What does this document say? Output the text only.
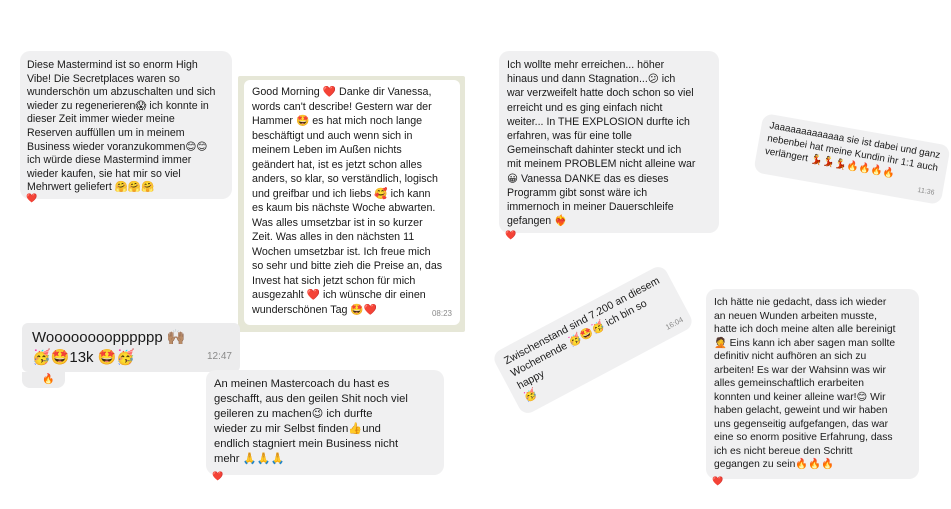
Diese Mastermind ist so enorm High
Vibe! Die Secretplaces waren so
wunderschön um abzuschalten und sich
wieder zu regenerieren😱 ich konnte in
dieser Zeit immer wieder meine
Reserven auffüllen um in meinem
Business wieder voranzukommen😊😊
ich würde diese Mastermind immer
wieder kaufen, sie hat mir so viel
Mehrwert geliefert 🤗🤗🤗
❤️
Good Morning ❤️ Danke dir Vanessa,
words can't describe! Gestern war der
Hammer 🤩 es hat mich noch lange
beschäftigt und auch wenn sich in
meinem Leben im Außen nichts
geändert hat, ist es jetzt schon alles
anders, so klar, so verständlich, logisch
und greifbar und ich liebs 🥰 ich kann
es kaum bis nächste Woche abwarten.
Was alles umsetzbar ist in so kurzer
Zeit. Was alles in den nächsten 11
Wochen umsetzbar ist. Ich freue mich
so sehr und bitte zieh die Preise an, das
Invest hat sich jetzt schon für mich
ausgezahlt ❤️ ich wünsche dir einen
wunderschönen Tag 🤩❤️	08:23
Ich wollte mehr erreichen... höher
hinaus und dann Stagnation...😕 ich
war verzweifelt hatte doch schon so viel
erreicht und es ging einfach nicht
weiter... In THE EXPLOSION durfte ich
erfahren, was für eine tolle
Gemeinschaft dahinter steckt und ich
mit meinem PROBLEM nicht alleine war
😀 Vanessa DANKE das es dieses
Programm gibt sonst wäre ich
immernoch in meiner Dauerschleife
gefangen ❤️‍🔥
❤️
Jaaaaaaaaaaaaa sie ist dabei und ganz
nebenbei hat meine Kundin ihr 1:1 auch
verlängert 💃💃💃🔥🔥🔥🔥
11:36
Woooooooopppppp 🙌🏽
🥳🤩13k 🤩🥳	12:47
🔥	An meinen Mastercoach du hast es
geschafft, aus den geilen Shit noch viel
geileren zu machen😉 ich durfte
wieder zu mir Selbst finden👍und
endlich stagniert mein Business nicht
mehr 🙏🙏🙏
❤️
Zwischenstand sind 7.200 an diesem
Wochenende 🥳🤩🥳 ich bin so happy
🥳
16:04
Ich hätte nie gedacht, dass ich wieder
an neuen Wunden arbeiten musste,
hatte ich doch meine alten alle bereinigt
🤦 Eins kann ich aber sagen man sollte
definitiv nicht aufhören an sich zu
arbeiten! Es war der Wahsinn was wir
alles gemeinschaftlich erarbeiten
konnten und keiner alleine war!😊 Wir
haben gelacht, geweint und wir haben
uns gegenseitig aufgefangen, das war
eine so enorm positive Erfahrung, dass
ich es nicht bereue den Schritt
gegangen zu sein🔥🔥🔥
❤️
